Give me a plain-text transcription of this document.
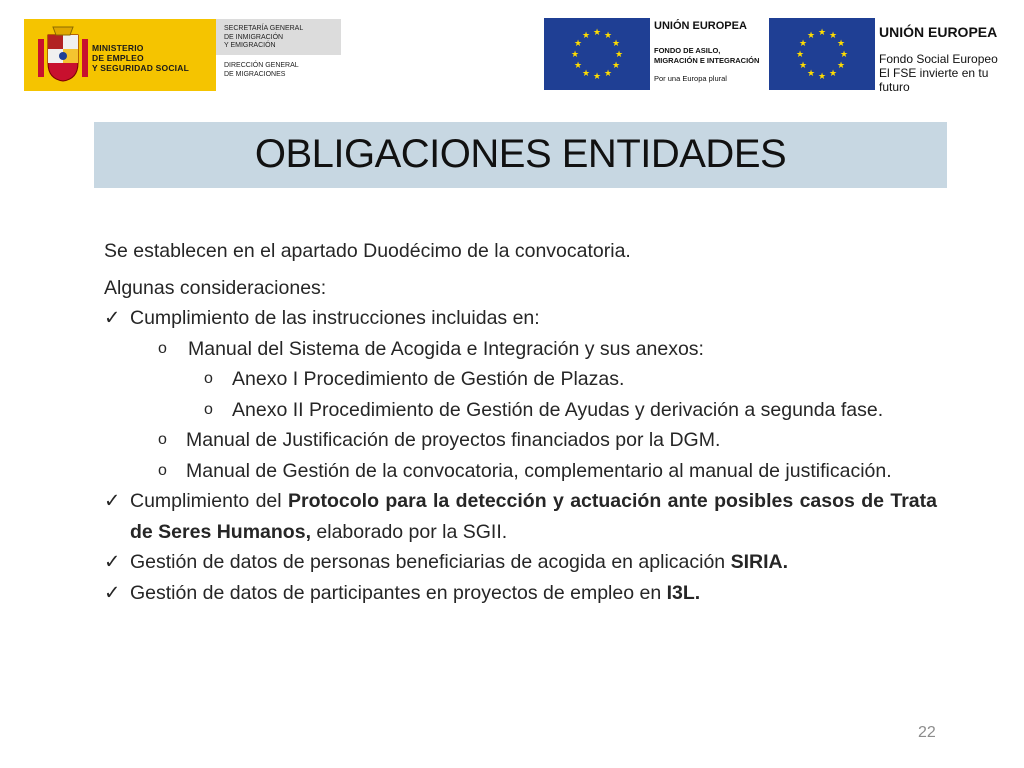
MINISTERIO
DE EMPLEO
Y SEGURIDAD SOCIAL
SECRETARÍA GENERAL
DE INMIGRACIÓN
Y EMIGRACIÓN
DIRECCIÓN GENERAL
DE MIGRACIONES
★ ★
★
★
★
★
★
★
★
★
★
★
UNIÓN EUROPEA
FONDO DE ASILO,
MIGRACIÓN E INTEGRACIÓN
Por una Europa plural
★ ★
★
★
★
★
★
★
★
★
★
★	UNIÓN EUROPEA
Fondo Social Europeo
El FSE invierte en tu futuro
OBLIGACIONES ENTIDADES

Se establecen en el apartado Duodécimo de la convocatoria.

Algunas consideraciones:

✓ Cumplimiento de las instrucciones incluidas en:
o	Manual del Sistema de Acogida e Integración y sus anexos:
o Anexo I Procedimiento de Gestión de Plazas.
o Anexo II Procedimiento de Gestión de Ayudas y derivación a segunda fase.
o Manual de Justificación de proyectos financiados por la DGM.
o Manual de Gestión de la convocatoria, complementario al manual de justificación.
✓ Cumplimiento del Protocolo para la detección y actuación ante posibles casos de Trata de Seres Humanos, elaborado por la SGII.
✓ Gestión de datos de personas beneficiarias de acogida en aplicación SIRIA.
✓ Gestión de datos de participantes en proyectos de empleo en I3L.
22
